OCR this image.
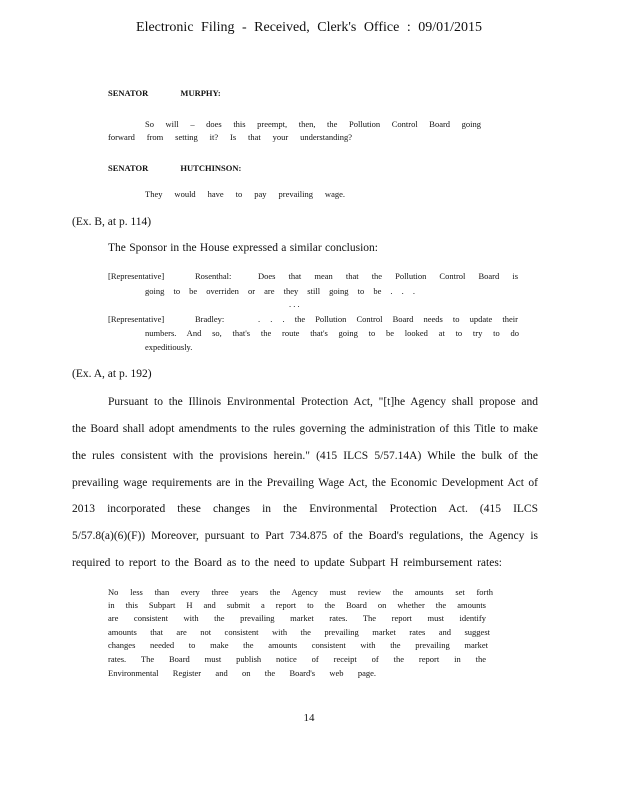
Electronic Filing - Received, Clerk's Office : 09/01/2015
SENATOR MURPHY:
So will – does this preempt, then, the Pollution Control Board going
forward from setting it? Is that your understanding?
SENATOR HUTCHINSON:
They would have to pay prevailing wage.
(Ex. B, at p. 114)
The Sponsor in the House expressed a similar conclusion:
[Representative]	Rosenthal:	Does that mean that the Pollution Control Board is
going to be overriden or are they still going to be . . .
. . .
[Representative]	Bradley:	. . . the Pollution Control Board needs to update their
numbers. And so, that's the route that's going to be looked at to try to do
expeditiously.
(Ex. A, at p. 192)
Pursuant to the Illinois Environmental Protection Act, "[t]he Agency shall propose and
the Board shall adopt amendments to the rules governing the administration of this Title to make
the rules consistent with the provisions herein." (415 ILCS 5/57.14A) While the bulk of the
prevailing wage requirements are in the Prevailing Wage Act, the Economic Development Act of
2013 incorporated these changes in the Environmental Protection Act. (415 ILCS
5/57.8(a)(6)(F)) Moreover, pursuant to Part 734.875 of the Board's regulations, the Agency is
required to report to the Board as to the need to update Subpart H reimbursement rates:
No less than every three years the Agency must review the amounts set forth
in this Subpart H and submit a report to the Board on whether the amounts
are consistent with the prevailing market rates. The report must identify
amounts that are not consistent with the prevailing market rates and suggest
changes needed to make the amounts consistent with the prevailing market
rates. The Board must publish notice of receipt of the report in the
Environmental Register and on the Board's web page.
14
